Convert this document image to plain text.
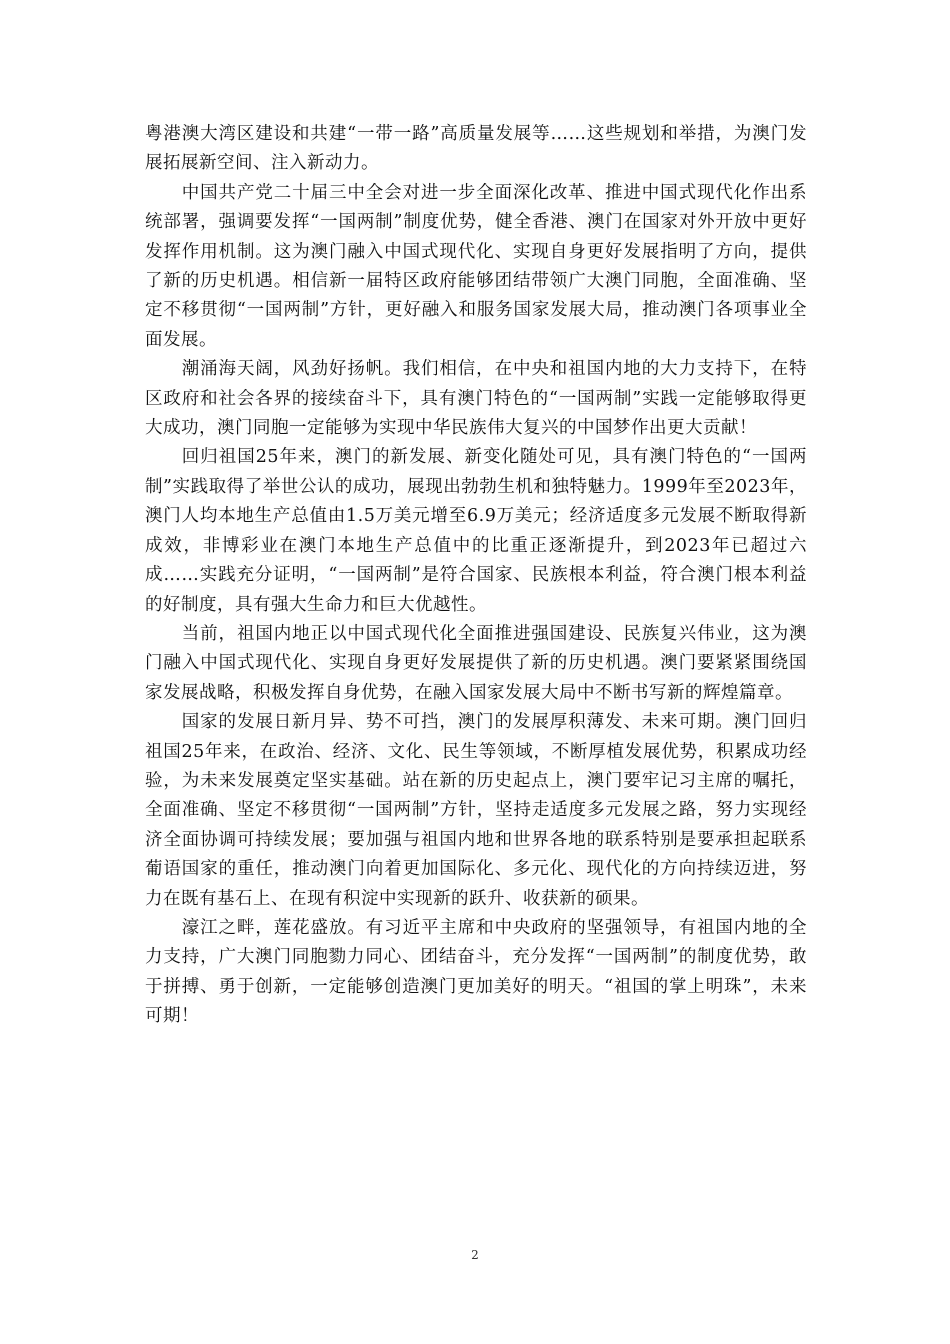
粤港澳大湾区建设和共建“一带一路”高质量发展等……这些规划和举措，为澳门发展拓展新空间、注入新动力。

中国共产党二十届三中全会对进一步全面深化改革、推进中国式现代化作出系统部署，强调要发挥“一国两制”制度优势，健全香港、澳门在国家对外开放中更好发挥作用机制。这为澳门融入中国式现代化、实现自身更好发展指明了方向，提供了新的历史机遇。相信新一届特区政府能够团结带领广大澳门同胞，全面准确、坚定不移贯彻“一国两制”方针，更好融入和服务国家发展大局，推动澳门各项事业全面发展。

潮涌海天阔，风劲好扬帆。我们相信，在中央和祖国内地的大力支持下，在特区政府和社会各界的接续奋斗下，具有澳门特色的“一国两制”实践一定能够取得更大成功，澳门同胞一定能够为实现中华民族伟大复兴的中国梦作出更大贡献！

回归祖国25年来，澳门的新发展、新变化随处可见，具有澳门特色的“一国两制”实践取得了举世公认的成功，展现出勃勃生机和独特魅力。1999年至2023年，澳门人均本地生产总值由1.5万美元增至6.9万美元；经济适度多元发展不断取得新成效，非博彩业在澳门本地生产总值中的比重正逐渐提升，到2023年已超过六成……实践充分证明，“一国两制”是符合国家、民族根本利益，符合澳门根本利益的好制度，具有强大生命力和巨大优越性。

当前，祖国内地正以中国式现代化全面推进强国建设、民族复兴伟业，这为澳门融入中国式现代化、实现自身更好发展提供了新的历史机遇。澳门要紧紧围绕国家发展战略，积极发挥自身优势，在融入国家发展大局中不断书写新的辉煌篇章。

国家的发展日新月异、势不可挡，澳门的发展厚积薄发、未来可期。澳门回归祖国25年来，在政治、经济、文化、民生等领域，不断厚植发展优势，积累成功经验，为未来发展奠定坚实基础。站在新的历史起点上，澳门要牢记习主席的嘱托，全面准确、坚定不移贯彻“一国两制”方针，坚持走适度多元发展之路，努力实现经济全面协调可持续发展；要加强与祖国内地和世界各地的联系特别是要承担起联系葡语国家的重任，推动澳门向着更加国际化、多元化、现代化的方向持续迈进，努力在既有基石上、在现有积淀中实现新的跃升、收获新的硕果。

濠江之畔，莲花盛放。有习近平主席和中央政府的坚强领导，有祖国内地的全力支持，广大澳门同胞勠力同心、团结奋斗，充分发挥“一国两制”的制度优势，敢于拼搏、勇于创新，一定能够创造澳门更加美好的明天。“祖国的掌上明珠”，未来可期！

2
